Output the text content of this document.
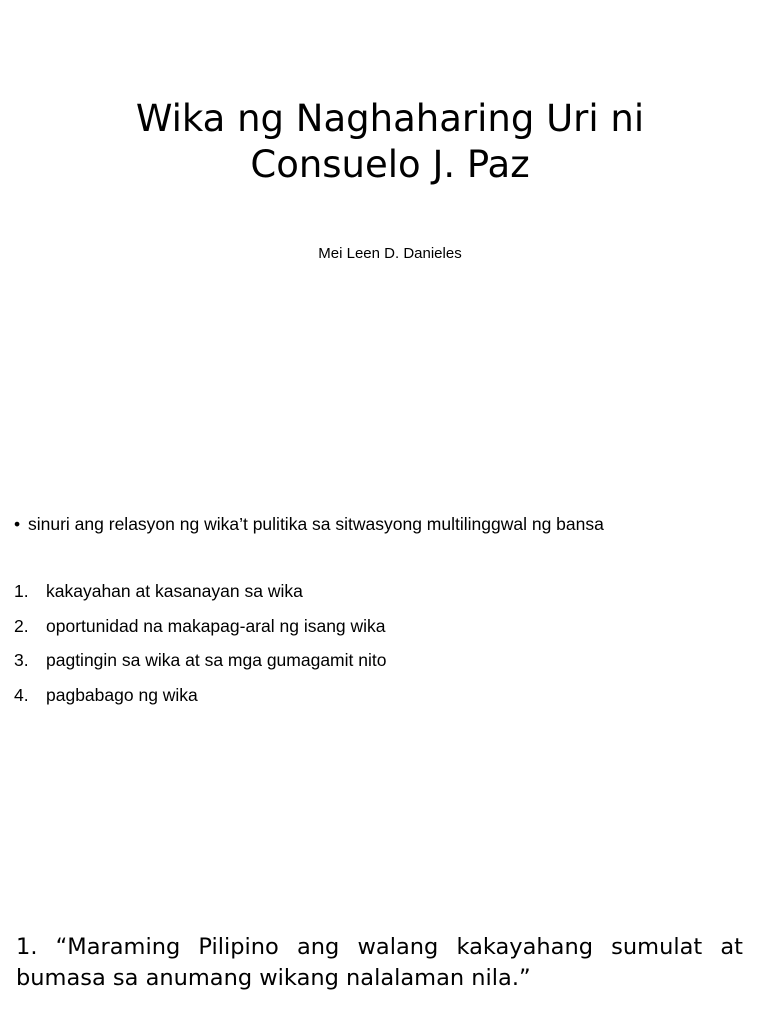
Wika ng Naghaharing Uri ni
Consuelo J. Paz
Mei Leen D. Danieles
• sinuri ang relasyon ng wika’t pulitika sa sitwasyong multilinggwal ng bansa
1. kakayahan at kasanayan sa wika
2. oportunidad na makapag-aral ng isang wika
3. pagtingin sa wika at sa mga gumagamit nito
4. pagbabago ng wika
1. “Maraming Pilipino ang walang kakayahang sumulat at bumasa sa anumang wikang nalalaman nila.”
